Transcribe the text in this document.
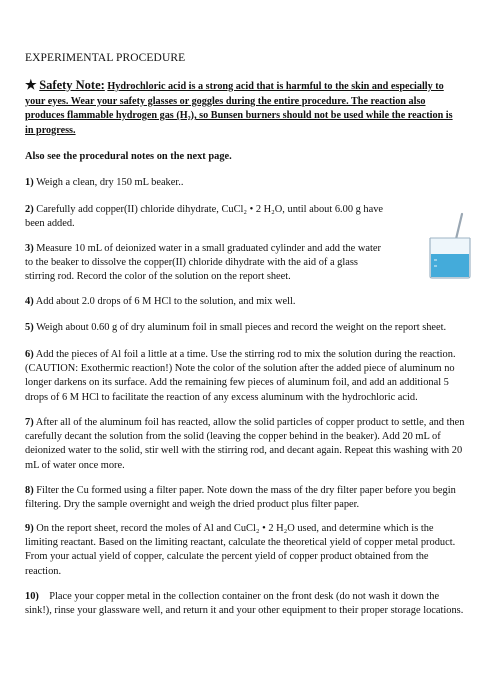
EXPERIMENTAL PROCEDURE
★ Safety Note: Hydrochloric acid is a strong acid that is harmful to the skin and especially to
your eyes. Wear your safety glasses or goggles during the entire procedure. The reaction also
produces flammable hydrogen gas (H₂), so Bunsen burners should not be used while the reaction is
in progress.
Also see the procedural notes on the next page.
1) Weigh a clean, dry 150 mL beaker..
2) Carefully add copper(II) chloride dihydrate, CuCl₂ • 2 H₂O, until about 6.00 g have
been added.
3) Measure 10 mL of deionized water in a small graduated cylinder and add the water
to the beaker to dissolve the copper(II) chloride dihydrate with the aid of a glass
stirring rod. Record the color of the solution on the report sheet.
4) Add about 2.0 drops of 6 M HCl to the solution, and mix well.
5) Weigh about 0.60 g of dry aluminum foil in small pieces and record the weight on the report sheet.
6) Add the pieces of Al foil a little at a time. Use the stirring rod to mix the solution during the reaction.
(CAUTION: Exothermic reaction!) Note the color of the solution after the added piece of aluminum no
longer darkens on its surface. Add the remaining few pieces of aluminum foil, and add an additional 5
drops of 6 M HCl to facilitate the reaction of any excess aluminum with the hydrochloric acid.
7) After all of the aluminum foil has reacted, allow the solid particles of copper product to settle, and then
carefully decant the solution from the solid (leaving the copper behind in the beaker). Add 20 mL of
deionized water to the solid, stir well with the stirring rod, and decant again. Repeat this washing with 20
mL of water once more.
8) Filter the Cu formed using a filter paper. Note down the mass of the dry filter paper before you begin
filtering. Dry the sample overnight and weigh the dried product plus filter paper.
9) On the report sheet, record the moles of Al and CuCl₂ • 2 H₂O used, and determine which is the
limiting reactant. Based on the limiting reactant, calculate the theoretical yield of copper metal product.
From your actual yield of copper, calculate the percent yield of copper product obtained from the
reaction.
10)    Place your copper metal in the collection container on the front desk (do not wash it down the
sink!), rinse your glassware well, and return it and your other equipment to their proper storage locations.
